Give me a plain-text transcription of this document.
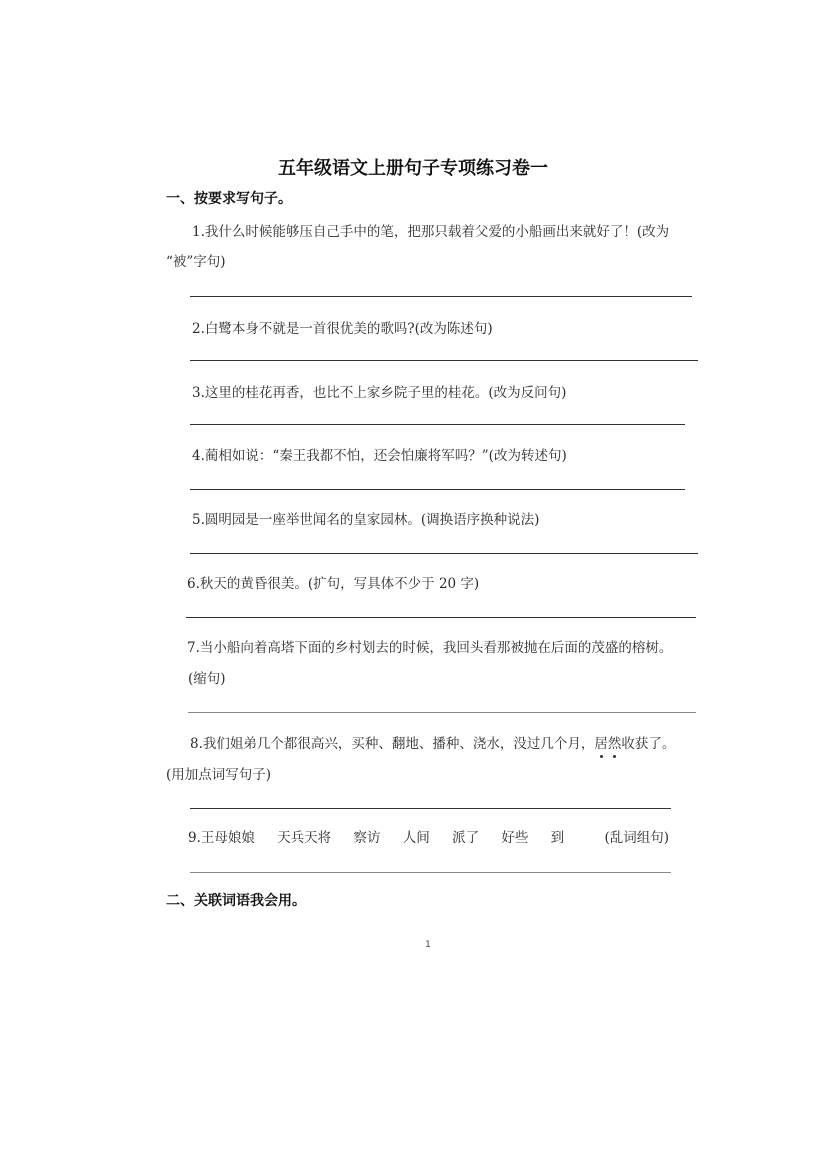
五年级语文上册句子专项练习卷一
一、按要求写句子。
1.我什么时候能够压自己手中的笔，把那只载着父爱的小船画出来就好了！(改为
“被”字句)
2.白鹭本身不就是一首很优美的歌吗?(改为陈述句)
3.这里的桂花再香，也比不上家乡院子里的桂花。(改为反问句)
4.蔺相如说：“秦王我都不怕，还会怕廉将军吗？”(改为转述句)
5.圆明园是一座举世闻名的皇家园林。(调换语序换种说法)
6.秋天的黄昏很美。(扩句，写具体不少于 20 字)
7.当小船向着高塔下面的乡村划去的时候，我回头看那被抛在后面的茂盛的榕树。
(缩句)
8.我们姐弟几个都很高兴，买种、翻地、播种、浇水，没过几个月，居然收获了。
(用加点词写句子)
9.王母娘娘 天兵天将 察访 人间 派了 好些 到	(乱词组句)
二、关联词语我会用。
1
